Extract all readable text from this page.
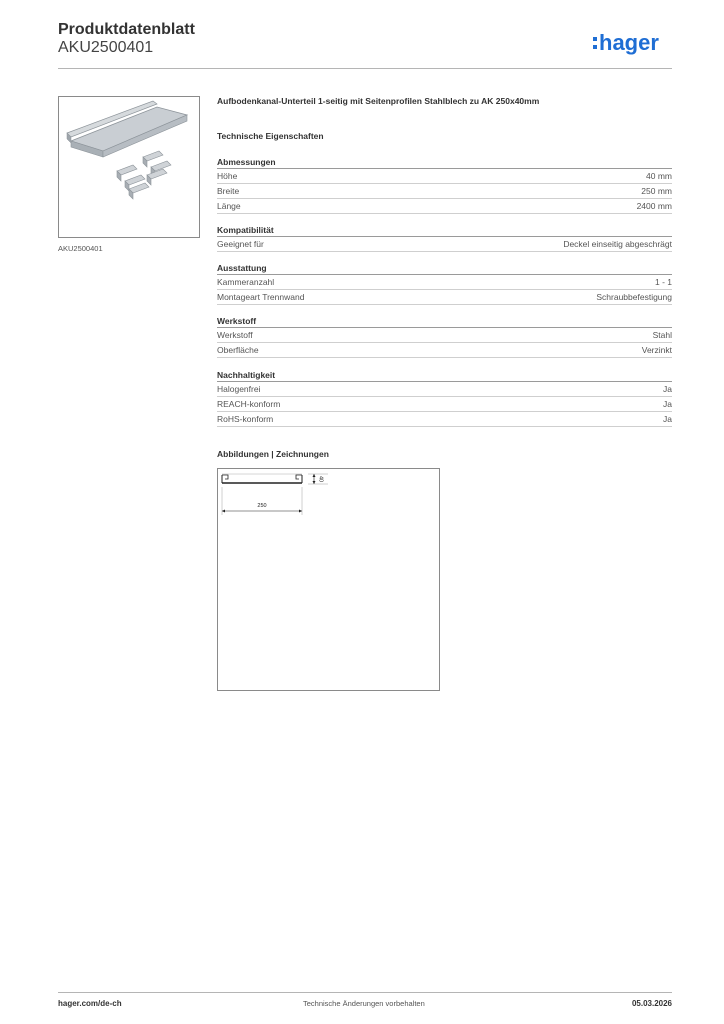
Produktdatenblatt
AKU2500401	hager
AKU2500401
Aufbodenkanal-Unterteil 1-seitig mit Seitenprofilen Stahlblech zu AK 250x40mm
Technische Eigenschaften
Abmessungen
Höhe	40 mm
Breite	250 mm
Länge	2400 mm
Kompatibilität
Geeignet für	Deckel einseitig abgeschrägt
Ausstattung
Kammeranzahl	1 - 1
Montageart Trennwand	Schraubbefestigung
Werkstoff
Werkstoff	Stahl
Oberfläche	Verzinkt
Nachhaltigkeit
Halogenfrei	Ja
REACH-konform	Ja
RoHS-konform	Ja
Abbildungen | Zeichnungen
40
250
hager.com/de-ch	Technische Änderungen vorbehalten	05.03.2026
